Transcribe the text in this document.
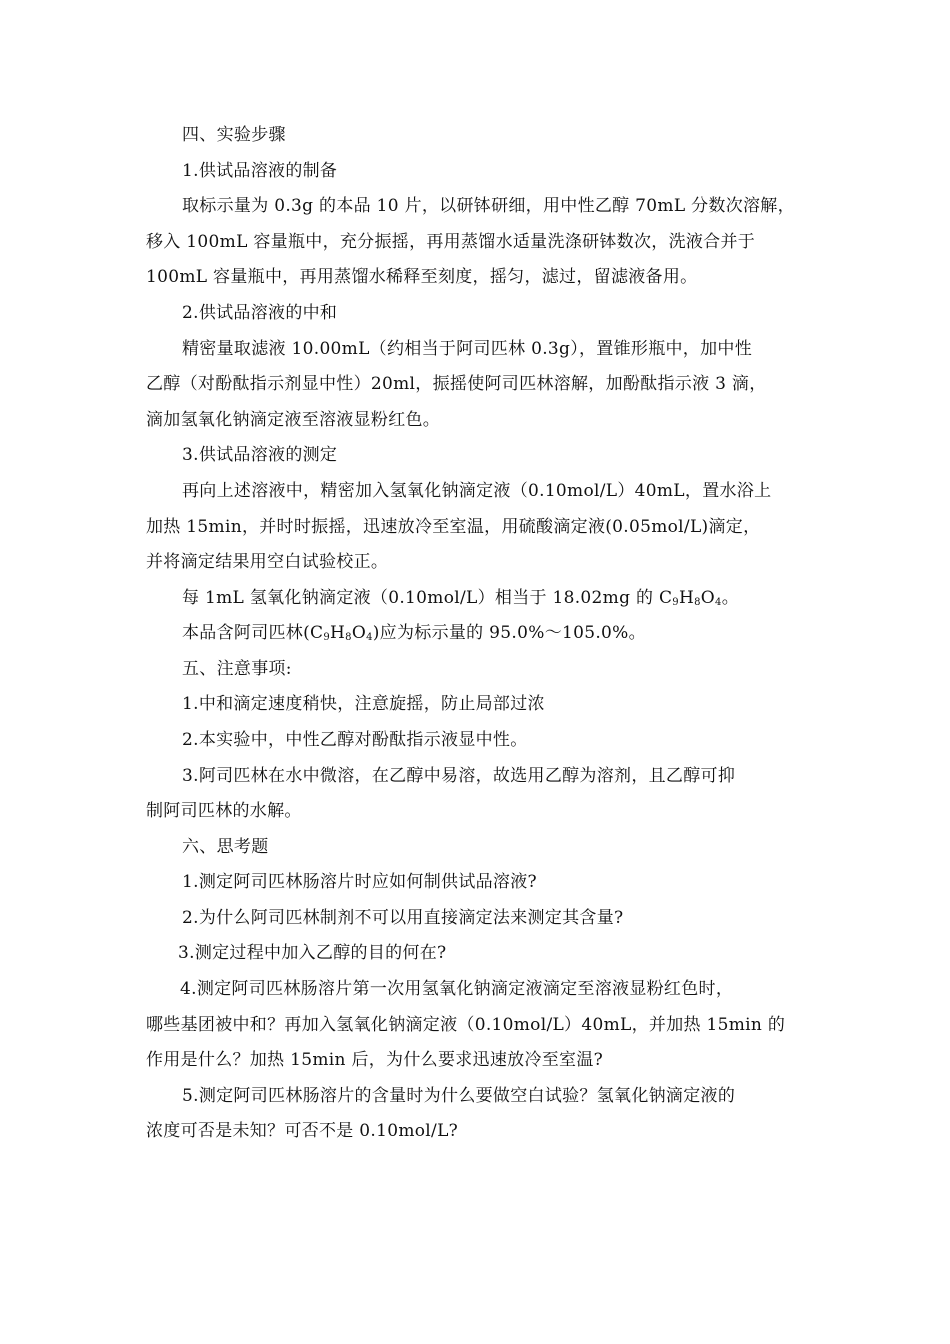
四、实验步骤
1.供试品溶液的制备
取标示量为 0.3g 的本品 10 片，以研钵研细，用中性乙醇 70mL 分数次溶解，
移入 100mL 容量瓶中，充分振摇，再用蒸馏水适量洗涤研钵数次，洗液合并于
100mL 容量瓶中，再用蒸馏水稀释至刻度，摇匀，滤过，留滤液备用。
2.供试品溶液的中和
精密量取滤液 10.00mL（约相当于阿司匹林 0.3g），置锥形瓶中，加中性
乙醇（对酚酞指示剂显中性）20ml，振摇使阿司匹林溶解，加酚酞指示液 3 滴，
滴加氢氧化钠滴定液至溶液显粉红色。
3.供试品溶液的测定
再向上述溶液中，精密加入氢氧化钠滴定液（0.10mol/L）40mL，置水浴上
加热 15min，并时时振摇，迅速放冷至室温，用硫酸滴定液(0.05mol/L)滴定，
并将滴定结果用空白试验校正。
每 1mL 氢氧化钠滴定液（0.10mol/L）相当于 18.02mg 的 $C_9H_8O_4$。
本品含阿司匹林$(C_9H_8O_4)$应为标示量的 95.0%～105.0%。
五、注意事项:
1.中和滴定速度稍快，注意旋摇，防止局部过浓
2.本实验中，中性乙醇对酚酞指示液显中性。
3.阿司匹林在水中微溶，在乙醇中易溶，故选用乙醇为溶剂，且乙醇可抑
制阿司匹林的水解。
六、思考题
1.测定阿司匹林肠溶片时应如何制供试品溶液?
2.为什么阿司匹林制剂不可以用直接滴定法来测定其含量?
3.测定过程中加入乙醇的目的何在?
4.测定阿司匹林肠溶片第一次用氢氧化钠滴定液滴定至溶液显粉红色时，
哪些基团被中和？再加入氢氧化钠滴定液（0.10mol/L）40mL，并加热 15min 的
作用是什么？加热 15min 后，为什么要求迅速放冷至室温?
5.测定阿司匹林肠溶片的含量时为什么要做空白试验？氢氧化钠滴定液的
浓度可否是未知？可否不是 0.10mol/L?
